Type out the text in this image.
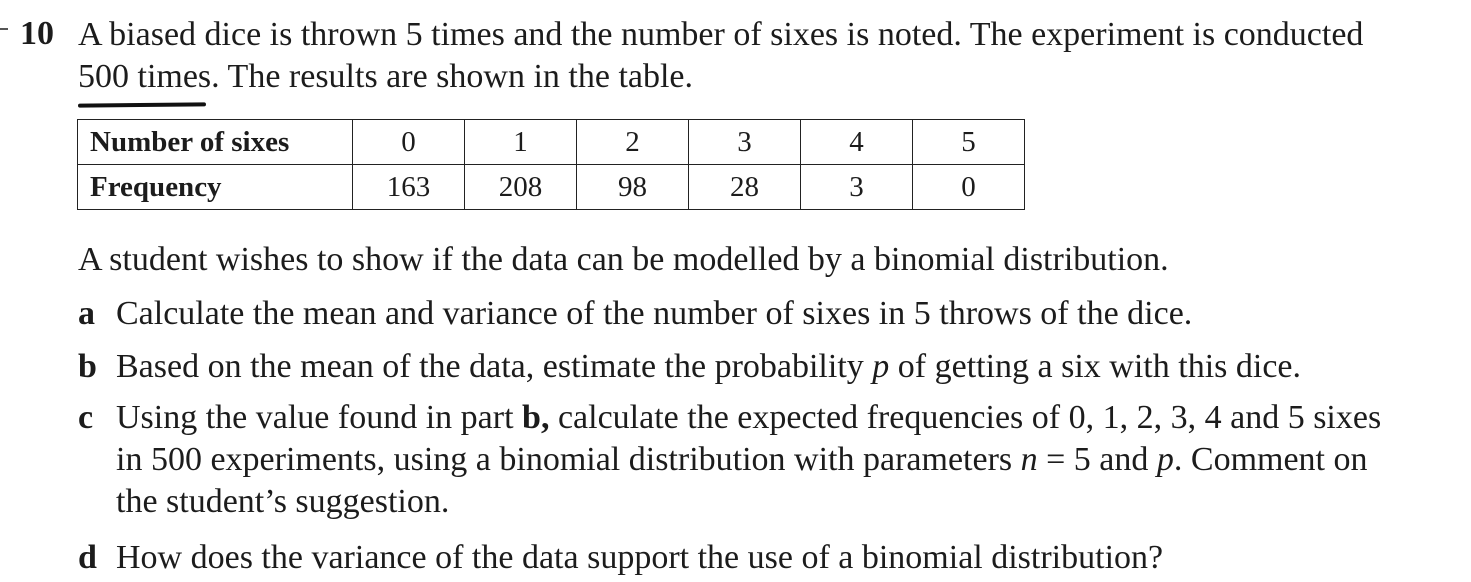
10 A biased dice is thrown 5 times and the number of sixes is noted. The experiment is conducted
500 times. The results are shown in the table.
Number of sixes	0	1	2	3	4	5
Frequency	163	208	98	28	3	0
A student wishes to show if the data can be modelled by a binomial distribution.
a Calculate the mean and variance of the number of sixes in 5 throws of the dice.
b Based on the mean of the data, estimate the probability p of getting a six with this dice.
c Using the value found in part b, calculate the expected frequencies of 0, 1, 2, 3, 4 and 5 sixes
in 500 experiments, using a binomial distribution with parameters n = 5 and p. Comment on
the student’s suggestion.
d How does the variance of the data support the use of a binomial distribution?
